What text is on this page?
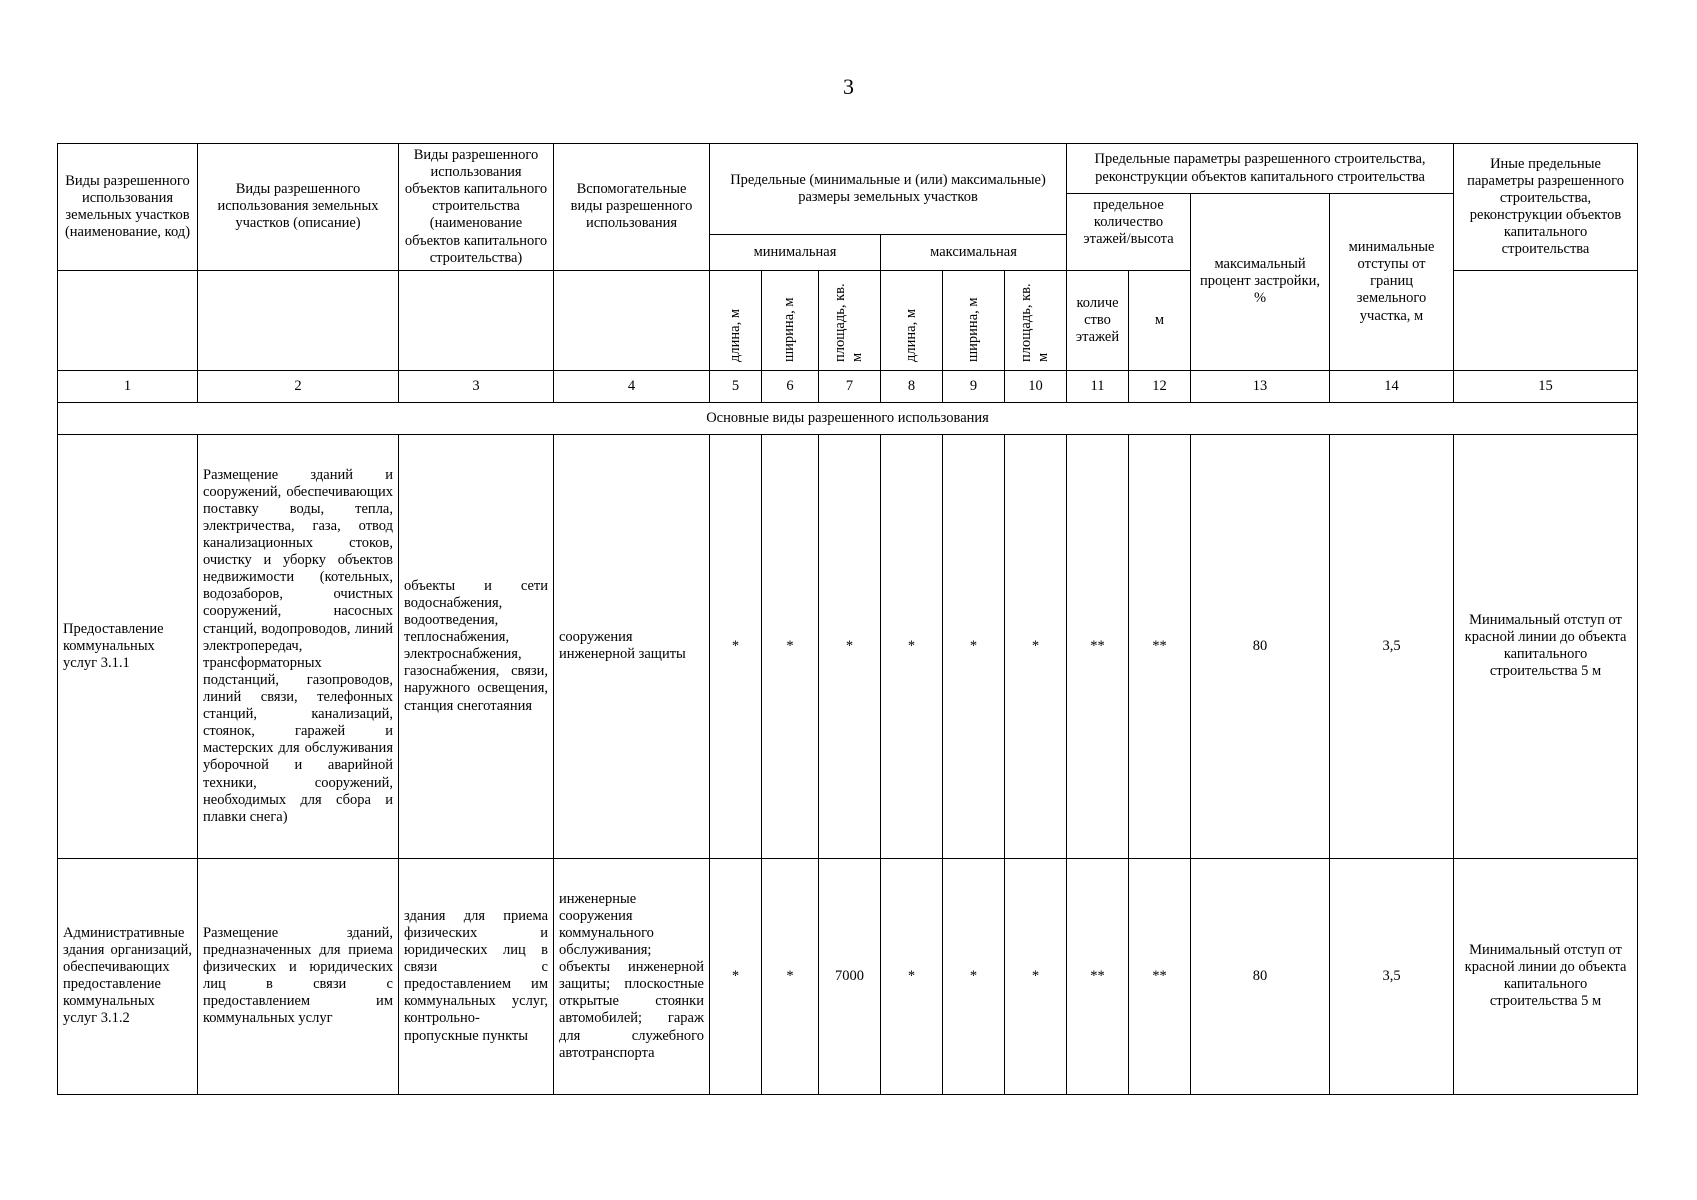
3
Виды разрешенного использования земельных участков (наименование, код)	Виды разрешенного использования земельных участков (описание)	Виды разрешенного использования объектов капитального строительства (наименование объектов капитального строительства)	Вспомогательные виды разрешенного использования	Предельные (минимальные и (или) максимальные) размеры земельных участков						Предельные параметры разрешенного строительства, реконструкции объектов капитального строительства				Иные предельные параметры разрешенного строительства, реконструкции объектов капитального строительства
										предельное количество этажей/высота		максимальный процент застройки, %	минимальные отступы от границ земельного участка, м	
				минимальная			максимальная							
				длина, м	ширина, м	площадь, кв. м	длина, м	ширина, м	площадь, кв. м	количе ство этажей	м			
1	2	3	4	5	6	7	8	9	10	11	12	13	14	15
Основные виды разрешенного использования														
Предоставление коммунальных услуг 3.1.1	Размещение зданий и сооружений, обеспечивающих поставку воды, тепла, электричества, газа, отвод канализационных стоков, очистку и уборку объектов недвижимости (котельных, водозаборов, очистных сооружений, насосных станций, водопроводов, линий электропередач, трансформаторных подстанций, газопроводов, линий связи, телефонных станций, канализаций, стоянок, гаражей и мастерских для обслуживания уборочной и аварийной техники, сооружений, необходимых для сбора и плавки снега)	объекты и сети водоснабжения, водоотведения, теплоснабжения, электроснабжения, газоснабжения, связи, наружного освещения, станция снеготаяния	сооружения инженерной защиты	*	*	*	*	*	*	**	**	80	3,5	Минимальный отступ от красной линии до объекта капитального строительства 5 м
Административные здания организаций, обеспечивающих предоставление коммунальных услуг 3.1.2	Размещение зданий, предназначенных для приема физических и юридических лиц в связи с предоставлением им коммунальных услуг	здания для приема физических и юридических лиц в связи с предоставлением им коммунальных услуг, контрольно-пропускные пункты	инженерные сооружения коммунального обслуживания; объекты инженерной защиты; плоскостные открытые стоянки автомобилей; гараж для служебного автотранспорта	*	*	7000	*	*	*	**	**	80	3,5	Минимальный отступ от красной линии до объекта капитального строительства 5 м
